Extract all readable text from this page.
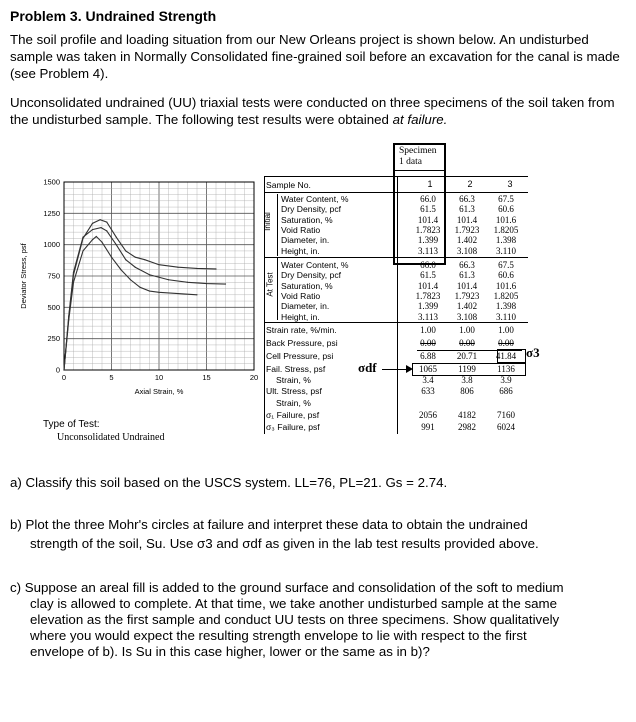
Problem 3. Undrained Strength
The soil profile and loading situation from our New Orleans project is shown below. An undisturbed sample was taken in Normally Consolidated fine-grained soil before an excavation for the canal is made (see Problem 4).
Unconsolidated undrained (UU) triaxial tests were conducted on three specimens of the soil taken from the undisturbed sample. The following test results were obtained at failure.
1500
1250
1000
750
500
250
0
0	5	10	15	20
Axial Strain, %
Deviator Stress, psf
Type of Test:
Unconsolidated Undrained
Specimen
1 data
Sample No.	1	2	3
Initial
Water Content, %	66.0	66.3	67.5
Dry Density, pcf	61.5	61.3	60.6
Saturation, %	101.4	101.4	101.6
Void Ratio	1.7823	1.7923	1.8205
Diameter, in.	1.399	1.402	1.398
Height, in.	3.113	3.108	3.110
At Test
Water Content, %	66.0	66.3	67.5
Dry Density, pcf	61.5	61.3	60.6
Saturation, %	101.4	101.4	101.6
Void Ratio	1.7823	1.7923	1.8205
Diameter, in.	1.399	1.402	1.398
Height, in.	3.113	3.108	3.110
Strain rate, %/min.	1.00	1.00	1.00
Back Pressure, psi	0.00	0.00	0.00
Cell Pressure, psi	6.88	20.71	41.84
Fail. Stress, psf	1065	1199	1136
Strain, %	3.4	3.8	3.9
Ult. Stress, psf	633	806	686
Strain, %
σ₁ Failure, psf	2056	4182	7160
σ₃ Failure, psf	991	2982	6024
σdf
σ3
a) Classify this soil based on the USCS system. LL=76, PL=21. Gs = 2.74.
b) Plot the three Mohr's circles at failure and interpret these data to obtain the undrained
strength of the soil, Su. Use σ3 and σdf as given in the lab test results provided above.
c) Suppose an areal fill is added to the ground surface and consolidation of the soft to medium
clay is allowed to complete. At that time, we take another undisturbed sample at the same
elevation as the first sample and conduct UU tests on three specimens. Show qualitatively
where you would expect the resulting strength envelope to lie with respect to the first
envelope of b). Is Su in this case higher, lower or the same as in b)?
